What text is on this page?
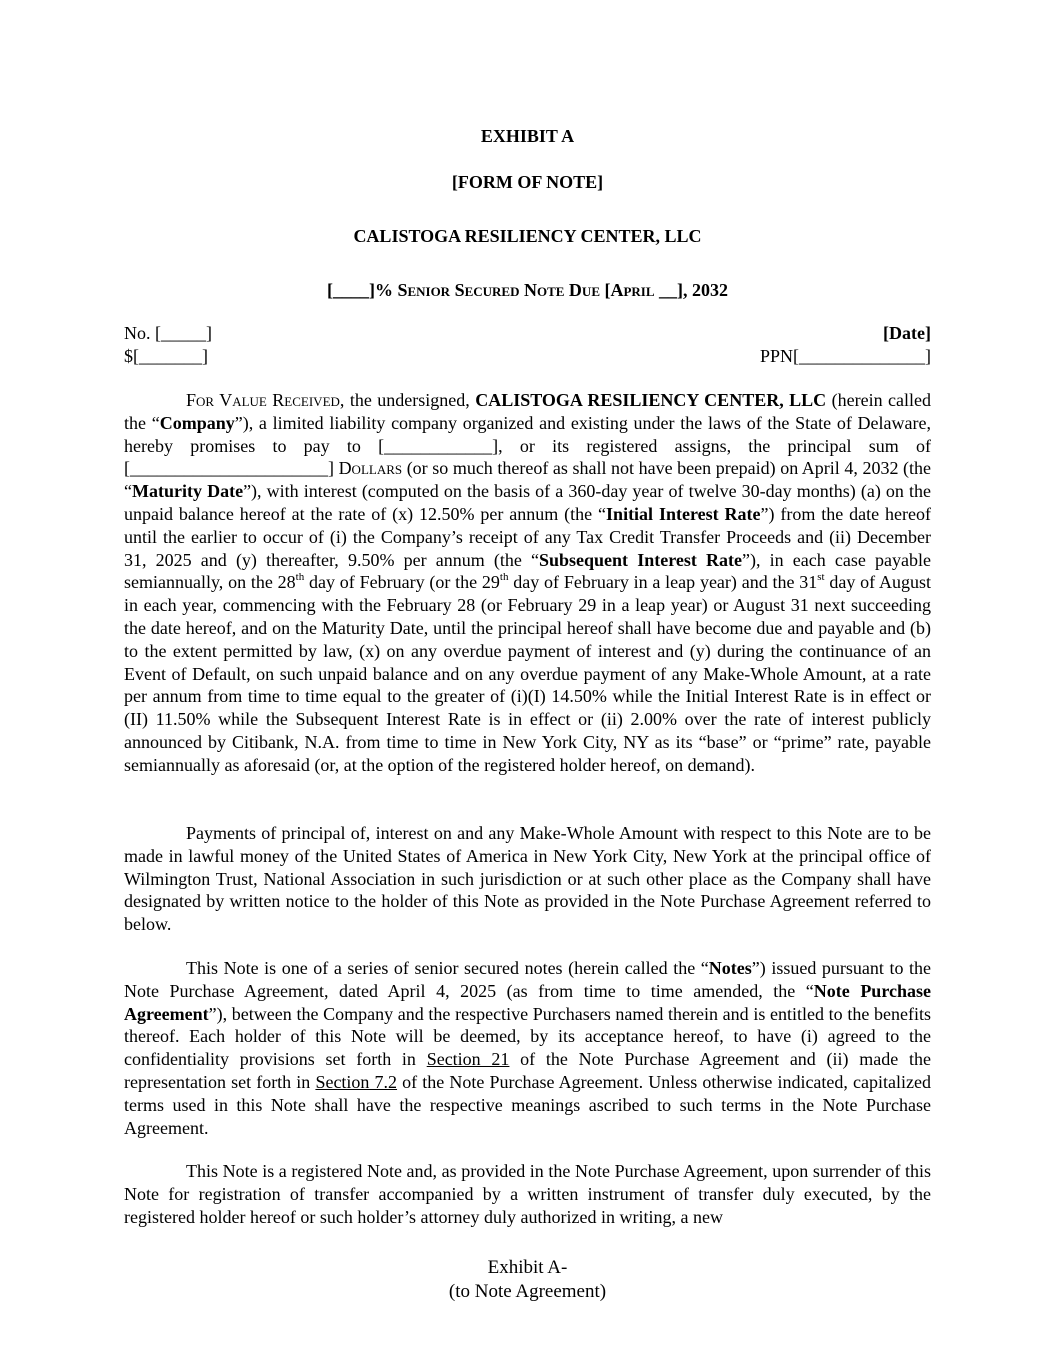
EXHIBIT A
[FORM OF NOTE]
CALISTOGA RESILIENCY CENTER, LLC
[____]% Senior Secured Note Due [April __], 2032
No. [_____]	[Date]
$[_______]	PPN[______________]

For Value Received, the undersigned, CALISTOGA RESILIENCY CENTER, LLC (herein called the “Company”), a limited liability company organized and existing under the laws of the State of Delaware, hereby promises to pay to [____________], or its registered assigns, the principal sum of [______________________] Dollars (or so much thereof as shall not have been prepaid) on April 4, 2032 (the “Maturity Date”), with interest (computed on the basis of a 360-day year of twelve 30-day months) (a) on the unpaid balance hereof at the rate of (x) 12.50% per annum (the “Initial Interest Rate”) from the date hereof until the earlier to occur of (i) the Company’s receipt of any Tax Credit Transfer Proceeds and (ii) December 31, 2025 and (y) thereafter, 9.50% per annum (the “Subsequent Interest Rate”), in each case payable semiannually, on the 28th day of February (or the 29th day of February in a leap year) and the 31st day of August in each year, commencing with the February 28 (or February 29 in a leap year) or August 31 next succeeding the date hereof, and on the Maturity Date, until the principal hereof shall have become due and payable and (b) to the extent permitted by law, (x) on any overdue payment of interest and (y) during the continuance of an Event of Default, on such unpaid balance and on any overdue payment of any Make-Whole Amount, at a rate per annum from time to time equal to the greater of (i)(I) 14.50% while the Initial Interest Rate is in effect or (II) 11.50% while the Subsequent Interest Rate is in effect or (ii) 2.00% over the rate of interest publicly announced by Citibank, N.A. from time to time in New York City, NY as its “base” or “prime” rate, payable semiannually as aforesaid (or, at the option of the registered holder hereof, on demand).

Payments of principal of, interest on and any Make-Whole Amount with respect to this Note are to be made in lawful money of the United States of America in New York City, New York at the principal office of Wilmington Trust, National Association in such jurisdiction or at such other place as the Company shall have designated by written notice to the holder of this Note as provided in the Note Purchase Agreement referred to below.

This Note is one of a series of senior secured notes (herein called the “Notes”) issued pursuant to the Note Purchase Agreement, dated April 4, 2025 (as from time to time amended, the “Note Purchase Agreement”), between the Company and the respective Purchasers named therein and is entitled to the benefits thereof. Each holder of this Note will be deemed, by its acceptance hereof, to have (i) agreed to the confidentiality provisions set forth in Section 21 of the Note Purchase Agreement and (ii) made the representation set forth in Section 7.2 of the Note Purchase Agreement. Unless otherwise indicated, capitalized terms used in this Note shall have the respective meanings ascribed to such terms in the Note Purchase Agreement.

This Note is a registered Note and, as provided in the Note Purchase Agreement, upon surrender of this Note for registration of transfer accompanied by a written instrument of transfer duly executed, by the registered holder hereof or such holder’s attorney duly authorized in writing, a new

Exhibit A-
(to Note Agreement)
